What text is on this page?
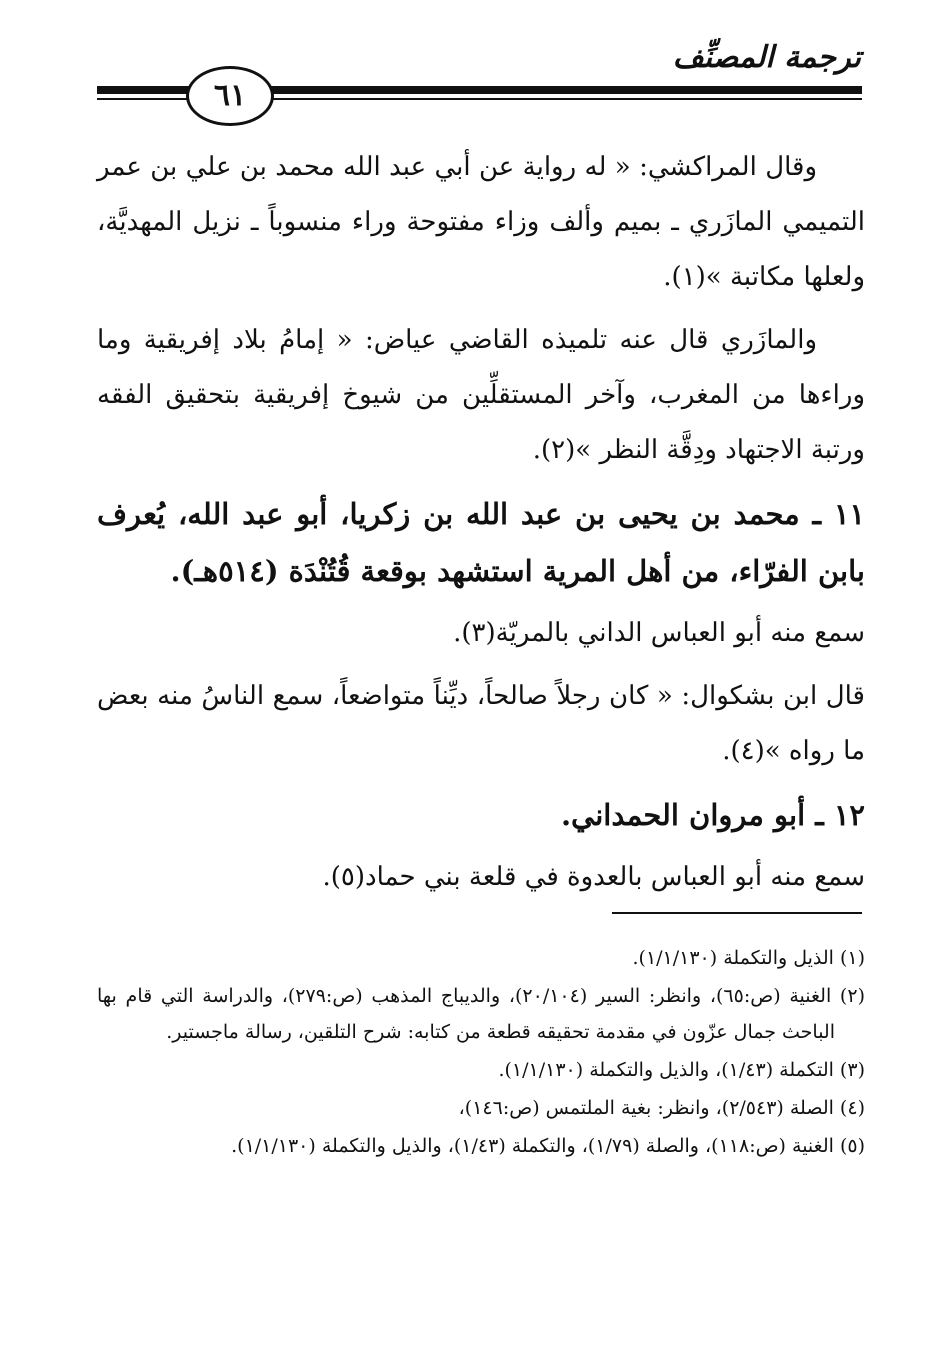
ترجمة المصنِّف
٦١

وقال المراكشي: « له رواية عن أبي عبد الله محمد بن علي بن عمر التميمي المازَري ـ بميم وألف وزاء مفتوحة وراء منسوباً ـ نزيل المهديَّة، ولعلها مكاتبة »(١).

والمازَري قال عنه تلميذه القاضي عياض: « إمامُ بلاد إفريقية وما وراءها من المغرب، وآخر المستقلِّين من شيوخ إفريقية بتحقيق الفقه ورتبة الاجتهاد ودِقَّة النظر »(٢).

١١ ـ محمد بن يحيى بن عبد الله بن زكريا، أبو عبد الله، يُعرف بابن الفرّاء، من أهل المرية استشهد بوقعة قُتُنْدَة (٥١٤هـ).

سمع منه أبو العباس الداني بالمريّة(٣).

قال ابن بشكوال: « كان رجلاً صالحاً، ديِّناً متواضعاً، سمع الناسُ منه بعض ما رواه »(٤).

١٢ ـ أبو مروان الحمداني.

سمع منه أبو العباس بالعدوة في قلعة بني حماد(٥).

(١) الذيل والتكملة (١/١/١٣٠).

(٢) الغنية (ص:٦٥)، وانظر: السير (٢٠/١٠٤)، والديباج المذهب (ص:٢٧٩)، والدراسة التي قام بها الباحث جمال عزّون في مقدمة تحقيقه قطعة من كتابه: شرح التلقين، رسالة ماجستير.

(٣) التكملة (١/٤٣)، والذيل والتكملة (١/١/١٣٠).

(٤) الصلة (٢/٥٤٣)، وانظر: بغية الملتمس (ص:١٤٦)،

(٥) الغنية (ص:١١٨)، والصلة (١/٧٩)، والتكملة (١/٤٣)، والذيل والتكملة (١/١/١٣٠).
